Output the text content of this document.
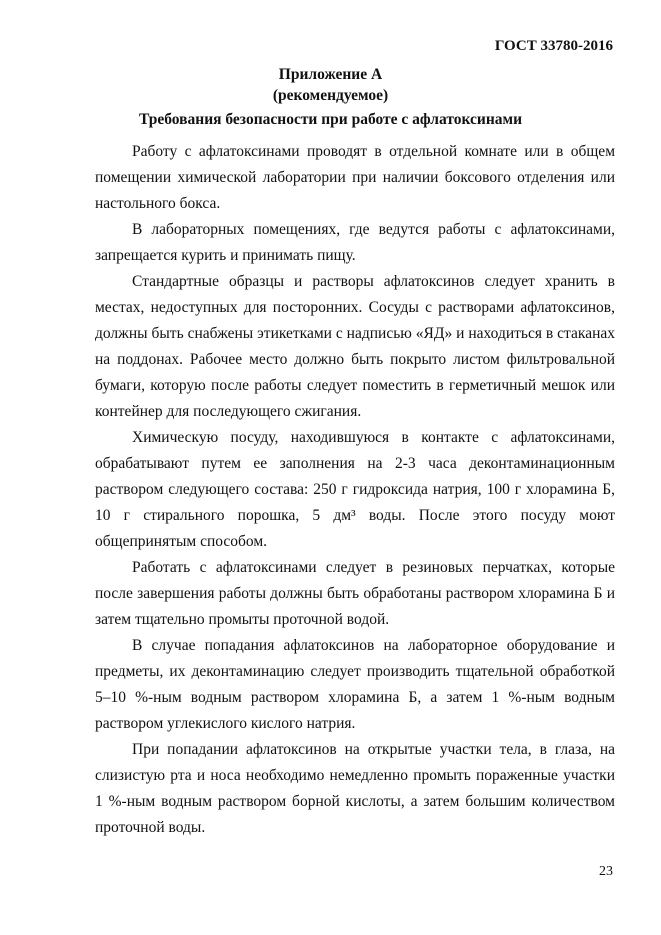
ГОСТ 33780-2016

Приложение А
(рекомендуемое)
Требования безопасности при работе с афлатоксинами

Работу с афлатоксинами проводят в отдельной комнате или в общем помещении химической лаборатории при наличии боксового отделения или настольного бокса.

В лабораторных помещениях, где ведутся работы с афлатоксинами, запрещается курить и принимать пищу.

Стандартные образцы и растворы афлатоксинов следует хранить в местах, недоступных для посторонних. Сосуды с растворами афлатоксинов, должны быть снабжены этикетками с надписью «ЯД» и находиться в стаканах на поддонах. Рабочее место должно быть покрыто листом фильтровальной бумаги, которую после работы следует поместить в герметичный мешок или контейнер для последующего сжигания.

Химическую посуду, находившуюся в контакте с афлатоксинами, обрабатывают путем ее заполнения на 2-3 часа деконтаминационным раствором следующего состава: 250 г гидроксида натрия, 100 г хлорамина Б, 10 г стирального порошка, 5 дм³ воды. После этого посуду моют общепринятым способом.

Работать с афлатоксинами следует в резиновых перчатках, которые после завершения работы должны быть обработаны раствором хлорамина Б и затем тщательно промыты проточной водой.

В случае попадания афлатоксинов на лабораторное оборудование и предметы, их деконтаминацию следует производить тщательной обработкой 5–10 %-ным водным раствором хлорамина Б, а затем 1 %-ным водным раствором углекислого кислого натрия.

При попадании афлатоксинов на открытые участки тела, в глаза, на слизистую рта и носа необходимо немедленно промыть пораженные участки 1 %-ным водным раствором борной кислоты, а затем большим количеством проточной воды.

23
